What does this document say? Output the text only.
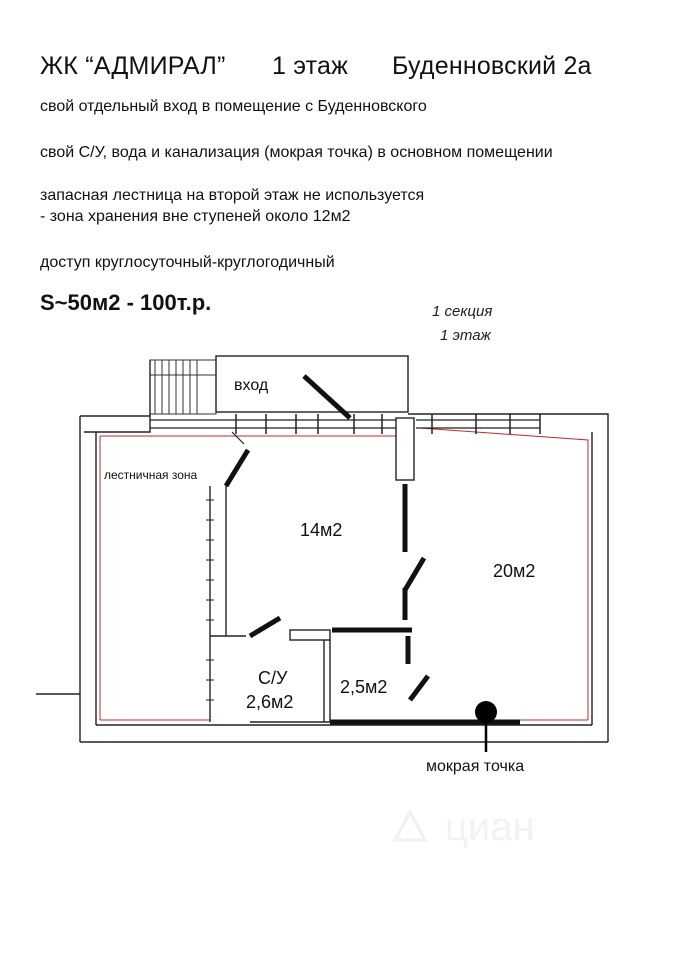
ЖК “АДМИРАЛ” 1 этаж Буденновский 2а
свой отдельный вход в помещение с Буденновского
свой С/У, вода и канализация (мокрая точка) в основном помещении
запасная лестница на второй этаж не используется
- зона хранения вне ступеней около 12м2
доступ круглосуточный-круглогодичный
S~50м2 - 100т.р.
циан
1 секция
1 этаж
вход
лестничная зона
14м2
20м2
2,5м2
С/У
2,6м2
мокрая точка
